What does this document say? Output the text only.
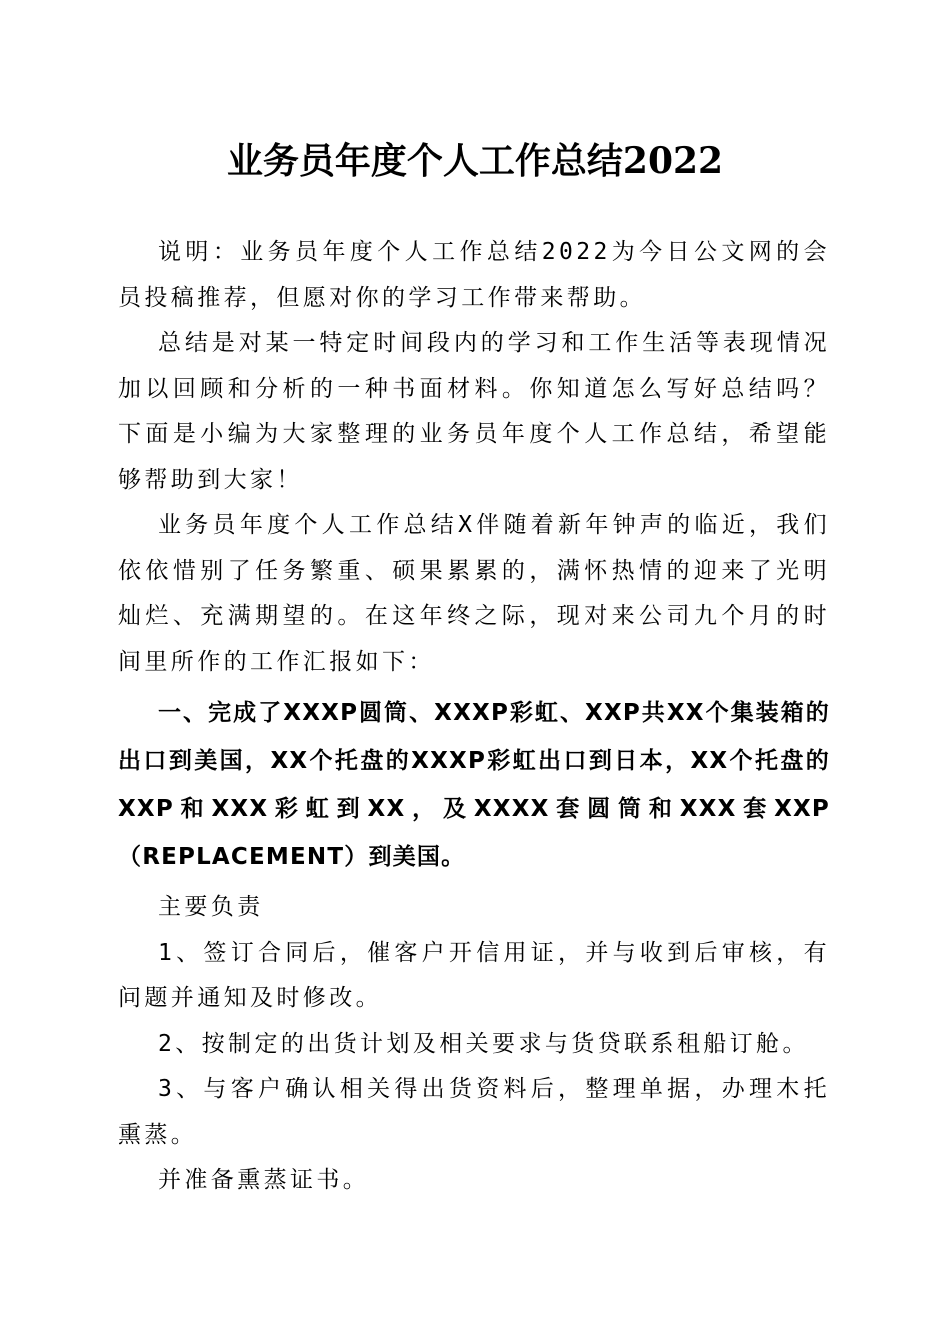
业务员年度个人工作总结2022

说明：业务员年度个人工作总结2022为今日公文网的会员投稿推荐，但愿对你的学习工作带来帮助。

总结是对某一特定时间段内的学习和工作生活等表现情况加以回顾和分析的一种书面材料。你知道怎么写好总结吗？下面是小编为大家整理的业务员年度个人工作总结，希望能够帮助到大家！

业务员年度个人工作总结X伴随着新年钟声的临近，我们依依惜别了任务繁重、硕果累累的，满怀热情的迎来了光明灿烂、充满期望的。在这年终之际，现对来公司九个月的时间里所作的工作汇报如下：

一、完成了XXXP圆筒、XXXP彩虹、XXP共XX个集装箱的出口到美国，XX个托盘的XXXP彩虹出口到日本，XX个托盘的XXP和XXX彩虹到XX，及XXXX套圆筒和XXX套XXP（REPLACEMENT）到美国。

主要负责

1、签订合同后，催客户开信用证，并与收到后审核，有问题并通知及时修改。

2、按制定的出货计划及相关要求与货贷联系租船订舱。

3、与客户确认相关得出货资料后，整理单据，办理木托熏蒸。

并准备熏蒸证书。
